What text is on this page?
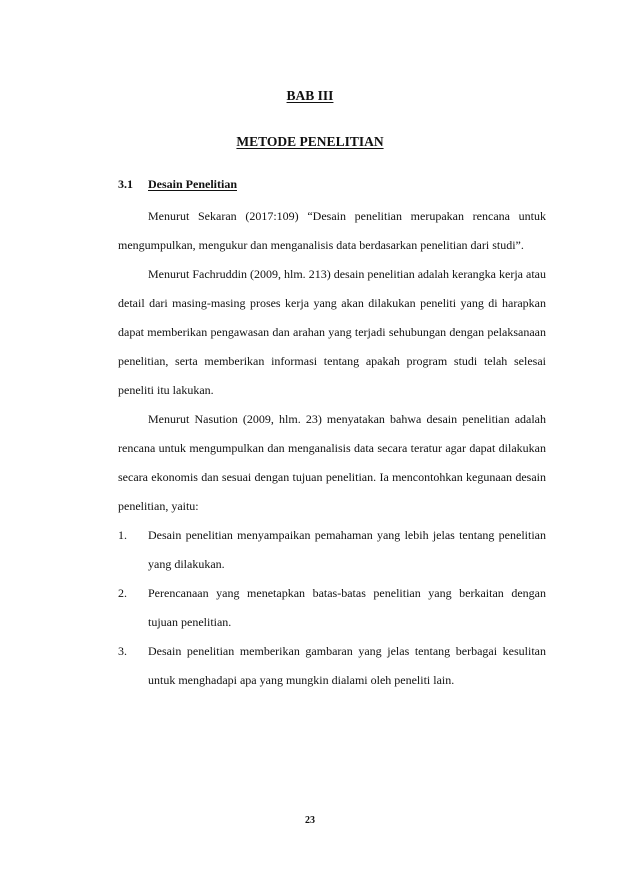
BAB III
METODE PENELITIAN
3.1 Desain Penelitian

Menurut Sekaran (2017:109) “Desain penelitian merupakan rencana untuk mengumpulkan, mengukur dan menganalisis data berdasarkan penelitian dari studi”.

Menurut Fachruddin (2009, hlm. 213) desain penelitian adalah kerangka kerja atau detail dari masing-masing proses kerja yang akan dilakukan peneliti yang di harapkan dapat memberikan pengawasan dan arahan yang terjadi sehubungan dengan pelaksanaan penelitian, serta memberikan informasi tentang apakah program studi telah selesai peneliti itu lakukan.

Menurut Nasution (2009, hlm. 23) menyatakan bahwa desain penelitian adalah rencana untuk mengumpulkan dan menganalisis data secara teratur agar dapat dilakukan secara ekonomis dan sesuai dengan tujuan penelitian. Ia mencontohkan kegunaan desain penelitian, yaitu:

1.	Desain penelitian menyampaikan pemahaman yang lebih jelas tentang penelitian yang dilakukan.
2.	Perencanaan yang menetapkan batas-batas penelitian yang berkaitan dengan tujuan penelitian.
3.	Desain penelitian memberikan gambaran yang jelas tentang berbagai kesulitan untuk menghadapi apa yang mungkin dialami oleh peneliti lain.
23
